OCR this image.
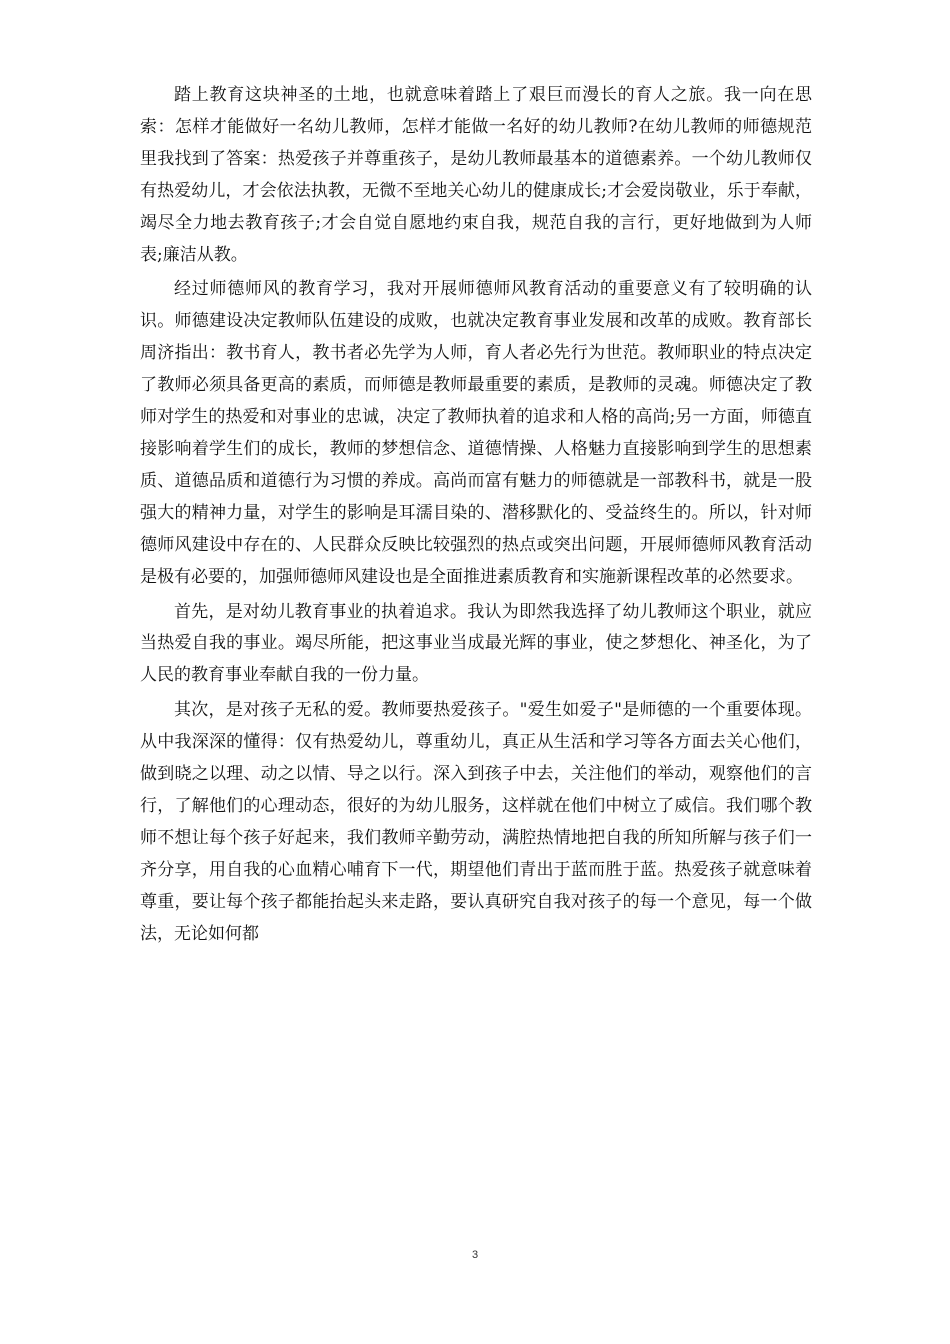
踏上教育这块神圣的土地，也就意味着踏上了艰巨而漫长的育人之旅。我一向在思索：怎样才能做好一名幼儿教师，怎样才能做一名好的幼儿教师?在幼儿教师的师德规范里我找到了答案：热爱孩子并尊重孩子，是幼儿教师最基本的道德素养。一个幼儿教师仅有热爱幼儿，才会依法执教，无微不至地关心幼儿的健康成长;才会爱岗敬业，乐于奉献，竭尽全力地去教育孩子;才会自觉自愿地约束自我，规范自我的言行，更好地做到为人师表;廉洁从教。

经过师德师风的教育学习，我对开展师德师风教育活动的重要意义有了较明确的认识。师德建设决定教师队伍建设的成败，也就决定教育事业发展和改革的成败。教育部长周济指出：教书育人，教书者必先学为人师，育人者必先行为世范。教师职业的特点决定了教师必须具备更高的素质，而师德是教师最重要的素质，是教师的灵魂。师德决定了教师对学生的热爱和对事业的忠诚，决定了教师执着的追求和人格的高尚;另一方面，师德直接影响着学生们的成长，教师的梦想信念、道德情操、人格魅力直接影响到学生的思想素质、道德品质和道德行为习惯的养成。高尚而富有魅力的师德就是一部教科书，就是一股强大的精神力量，对学生的影响是耳濡目染的、潜移默化的、受益终生的。所以，针对师德师风建设中存在的、人民群众反映比较强烈的热点或突出问题，开展师德师风教育活动是极有必要的，加强师德师风建设也是全面推进素质教育和实施新课程改革的必然要求。

首先，是对幼儿教育事业的执着追求。我认为即然我选择了幼儿教师这个职业，就应当热爱自我的事业。竭尽所能，把这事业当成最光辉的事业，使之梦想化、神圣化，为了人民的教育事业奉献自我的一份力量。

其次，是对孩子无私的爱。教师要热爱孩子。"爱生如爱子"是师德的一个重要体现。从中我深深的懂得：仅有热爱幼儿，尊重幼儿，真正从生活和学习等各方面去关心他们，做到晓之以理、动之以情、导之以行。深入到孩子中去，关注他们的举动，观察他们的言行，了解他们的心理动态，很好的为幼儿服务，这样就在他们中树立了威信。我们哪个教师不想让每个孩子好起来，我们教师辛勤劳动，满腔热情地把自我的所知所解与孩子们一齐分享，用自我的心血精心哺育下一代，期望他们青出于蓝而胜于蓝。热爱孩子就意味着尊重，要让每个孩子都能抬起头来走路，要认真研究自我对孩子的每一个意见，每一个做法，无论如何都

3
